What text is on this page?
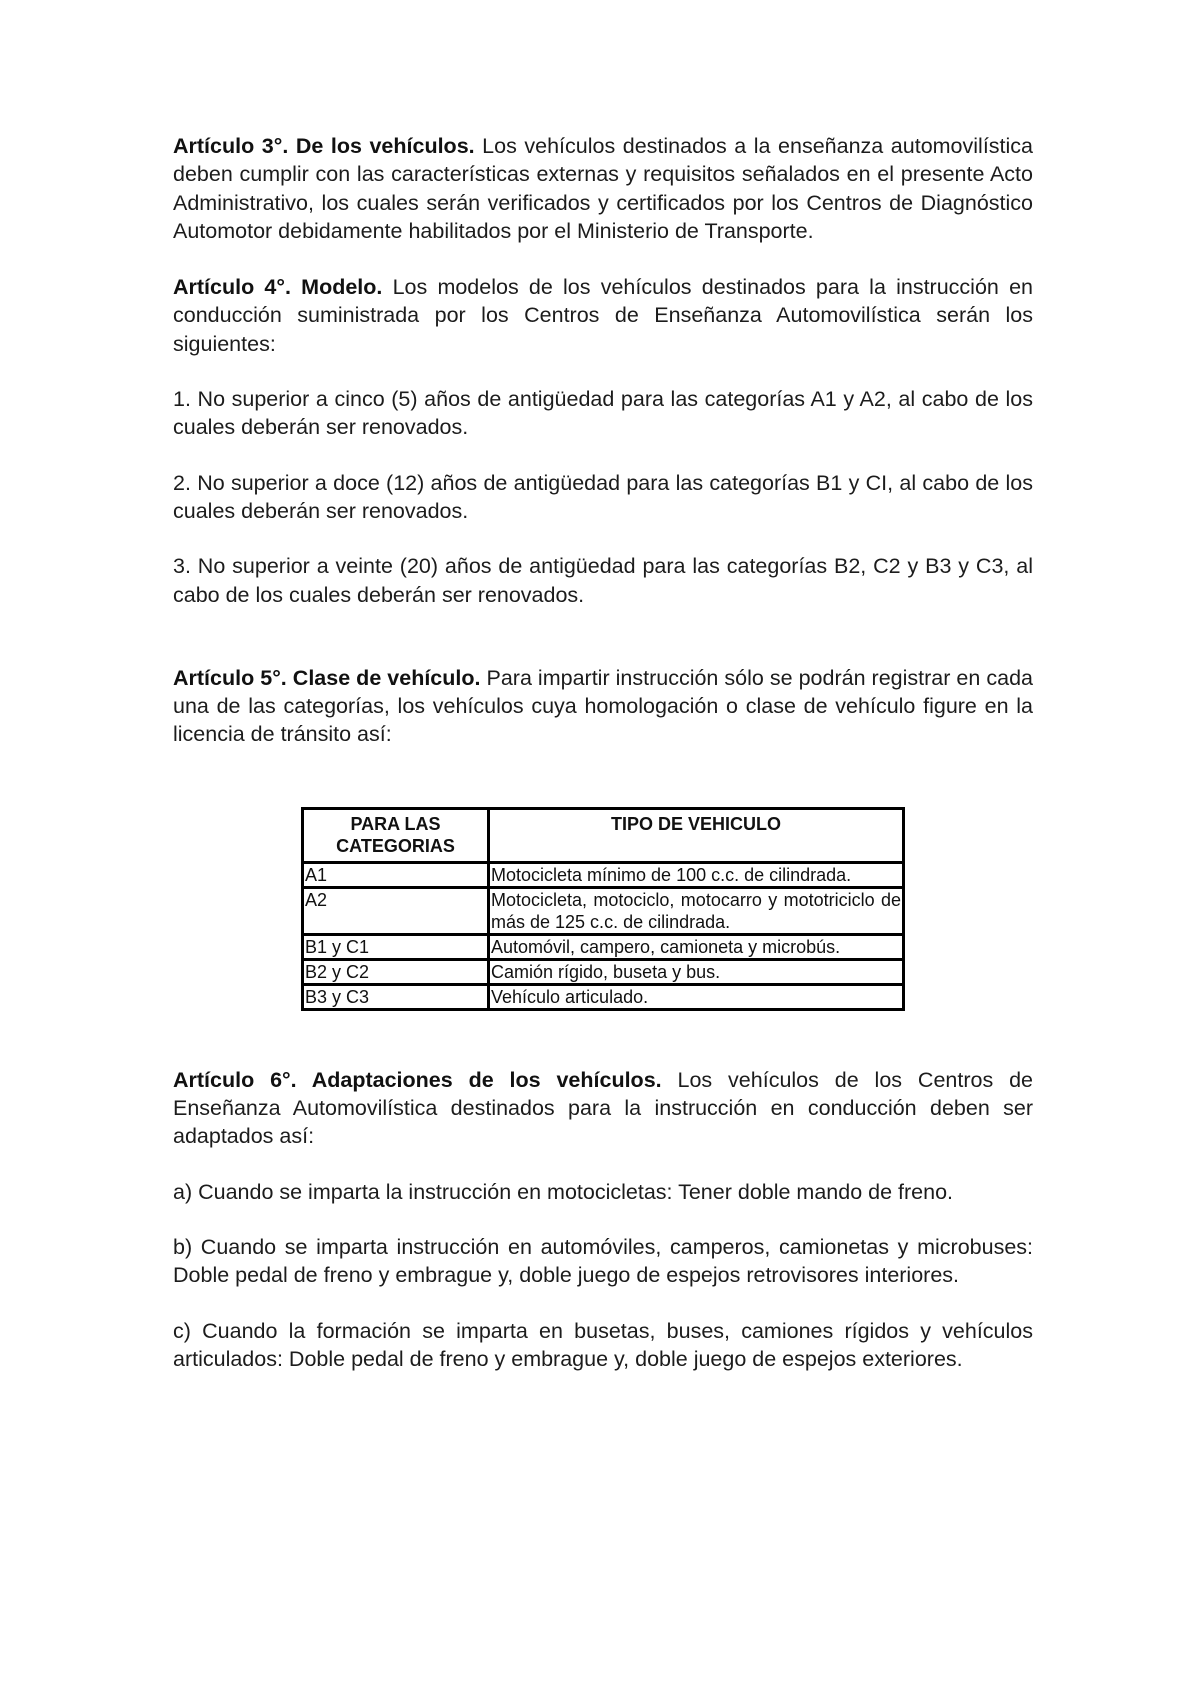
Artículo 3°. De los vehículos. Los vehículos destinados a la enseñanza automovilística deben cumplir con las características externas y requisitos señalados en el presente Acto Administrativo, los cuales serán verificados y certificados por los Centros de Diagnóstico Automotor debidamente habilitados por el Ministerio de Transporte.

Artículo 4°. Modelo. Los modelos de los vehículos destinados para la instrucción en conducción suministrada por los Centros de Enseñanza Automovilística serán los siguientes:

1. No superior a cinco (5) años de antigüedad para las categorías A1 y A2, al cabo de los cuales deberán ser renovados.

2. No superior a doce (12) años de antigüedad para las categorías B1 y CI, al cabo de los cuales deberán ser renovados.

3. No superior a veinte (20) años de antigüedad para las categorías B2, C2 y B3 y C3, al cabo de los cuales deberán ser renovados.

Artículo 5°. Clase de vehículo. Para impartir instrucción sólo se podrán registrar en cada una de las categorías, los vehículos cuya homologación o clase de vehículo figure en la licencia de tránsito así:

PARA LAS CATEGORIAS	TIPO DE VEHICULO
A1	Motocicleta mínimo de 100 c.c. de cilindrada.
A2	Motocicleta, motociclo, motocarro y mototriciclo de más de 125 c.c. de cilindrada.
B1 y C1	Automóvil, campero, camioneta y microbús.
B2 y C2	Camión rígido, buseta y bus.
B3 y C3	Vehículo articulado.

Artículo 6°. Adaptaciones de los vehículos. Los vehículos de los Centros de Enseñanza Automovilística destinados para la instrucción en conducción deben ser adaptados así:

a) Cuando se imparta la instrucción en motocicletas: Tener doble mando de freno.

b) Cuando se imparta instrucción en automóviles, camperos, camionetas y microbuses: Doble pedal de freno y embrague y, doble juego de espejos retrovisores interiores.

c) Cuando la formación se imparta en busetas, buses, camiones rígidos y vehículos articulados: Doble pedal de freno y embrague y, doble juego de espejos exteriores.
